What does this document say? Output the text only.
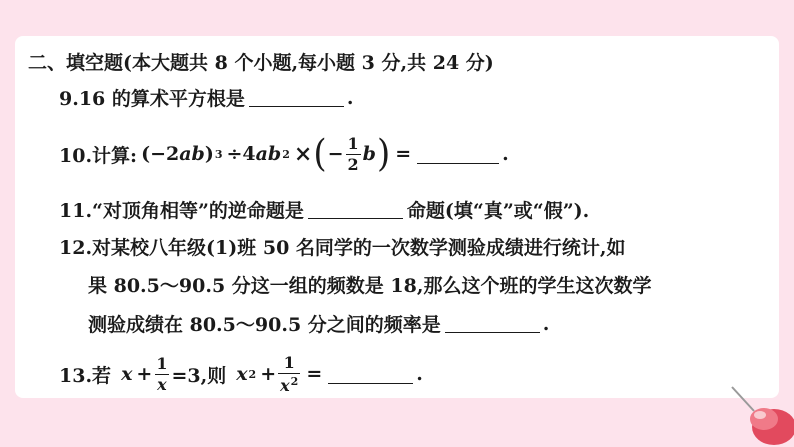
二、填空题(本大题共 8 个小题,每小题 3 分,共 24 分)
9.16 的算术平方根是	.
10.计算: (−2 ab ) 3 ÷4 ab 2 × ( − $\frac{1}{2}$ b ) =	.
11.“对顶角相等”的逆命题是	命题(填“真”或“假”).
12.对某校八年级(1)班 50 名同学的一次数学测验成绩进行统计,如
果 80.5～90.5 分这一组的频数是 18,那么这个班的学生这次数学
测验成绩在 80.5～90.5 分之间的频率是	.
13.若 $x + \frac{1}{x} =3$,则 x $2 + \frac{1}{x^2}$ =	.
